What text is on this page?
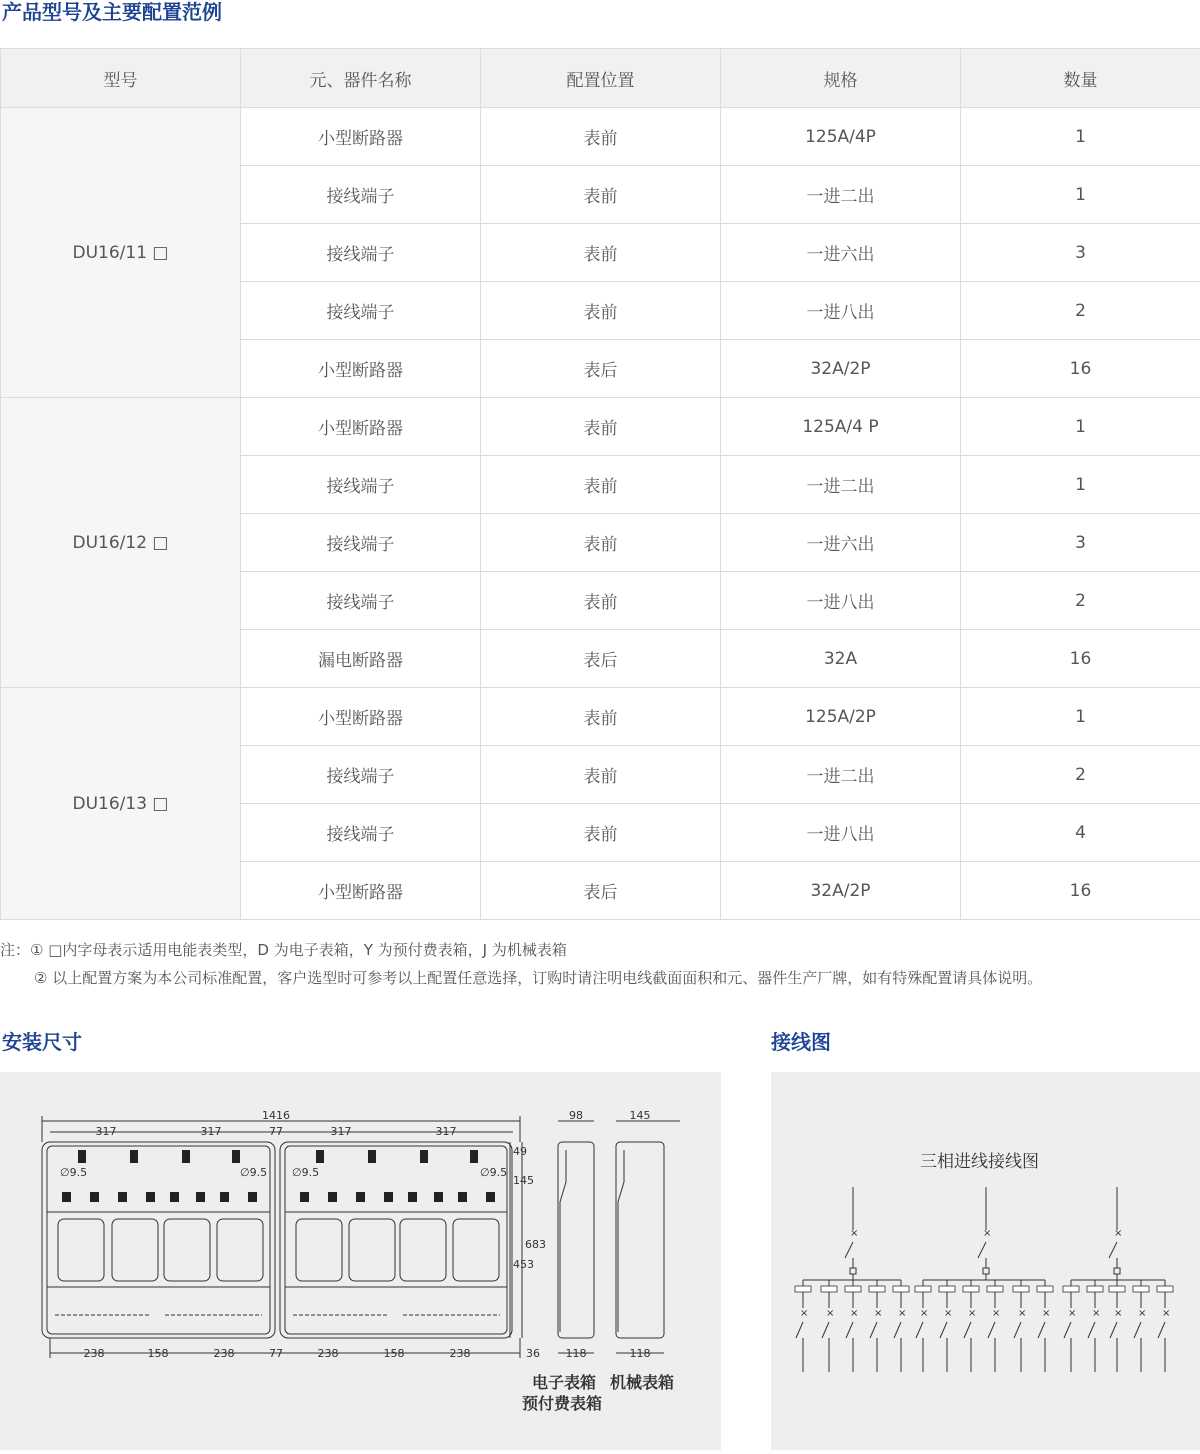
产品型号及主要配置范例
型号	元、器件名称	配置位置	规格	数量
DU16/11 □	小型断路器	表前	125A/4P	1
	接线端子	表前	一进二出	1
	接线端子	表前	一进六出	3
	接线端子	表前	一进八出	2
	小型断路器	表后	32A/2P	16
DU16/12 □	小型断路器	表前	125A/4 P	1
	接线端子	表前	一进二出	1
	接线端子	表前	一进六出	3
	接线端子	表前	一进八出	2
	漏电断路器	表后	32A	16
DU16/13 □	小型断路器	表前	125A/2P	1
	接线端子	表前	一进二出	2
	接线端子	表前	一进八出	4
	小型断路器	表后	32A/2P	16
注：① □内字母表示适用电能表类型，D 为电子表箱，Y 为预付费表箱，J 为机械表箱
② 以上配置方案为本公司标准配置，客户选型时可参考以上配置任意选择，订购时请注明电线截面面积和元、器件生产厂牌，如有特殊配置请具体说明。
安装尺寸	接线图
1416
317	317	77	317	317
∅9.5	∅9.5 ∅9.5	∅9.5
238	158	238	77	238	158	238	36
49
145
453
683
98
118
145
118
电子表箱 机械表箱
预付费表箱
×
× × × × ×
×
× × × × × ×
×
× × × × ×
三相进线接线图
